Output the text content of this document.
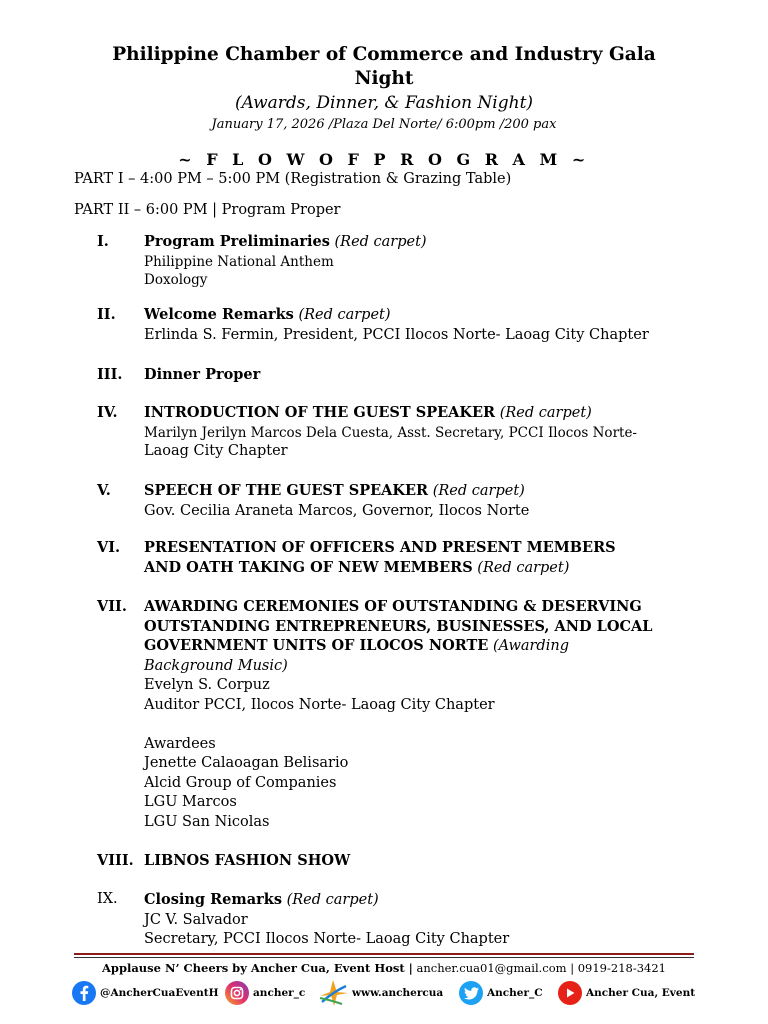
Philippine Chamber of Commerce and Industry Gala
Night
(Awards, Dinner, & Fashion Night)
January 17, 2026 /Plaza Del Norte/ 6:00pm /200 pax
~ F L O W O F P R O G R A M ~
PART I – 4:00 PM – 5:00 PM (Registration & Grazing Table)
PART II – 6:00 PM | Program Proper
I. Program Preliminaries (Red carpet)
Philippine National Anthem
Doxology
II. Welcome Remarks (Red carpet)
Erlinda S. Fermin, President, PCCI Ilocos Norte- Laoag City Chapter
III. Dinner Proper
IV. INTRODUCTION OF THE GUEST SPEAKER (Red carpet)
Marilyn Jerilyn Marcos Dela Cuesta, Asst. Secretary, PCCI Ilocos Norte-
Laoag City Chapter
V. SPEECH OF THE GUEST SPEAKER (Red carpet)
Gov. Cecilia Araneta Marcos, Governor, Ilocos Norte
VI. PRESENTATION OF OFFICERS AND PRESENT MEMBERS
AND OATH TAKING OF NEW MEMBERS (Red carpet)
VII. AWARDING CEREMONIES OF OUTSTANDING & DESERVING
OUTSTANDING ENTREPRENEURS, BUSINESSES, AND LOCAL
GOVERNMENT UNITS OF ILOCOS NORTE (Awarding
Background Music)
Evelyn S. Corpuz
Auditor PCCI, Ilocos Norte- Laoag City Chapter

Awardees
Jenette Calaoagan Belisario
Alcid Group of Companies
LGU Marcos
LGU San Nicolas
VIII. LIBNOS FASHION SHOW
IX. Closing Remarks (Red carpet)
JC V. Salvador
Secretary, PCCI Ilocos Norte- Laoag City Chapter
Applause N’ Cheers by Ancher Cua, Event Host | ancher.cua01@gmail.com | 0919-218-3421
@AncherCuaEventH	ancher_c	www.anchercua	Ancher_C	Ancher Cua, Event
